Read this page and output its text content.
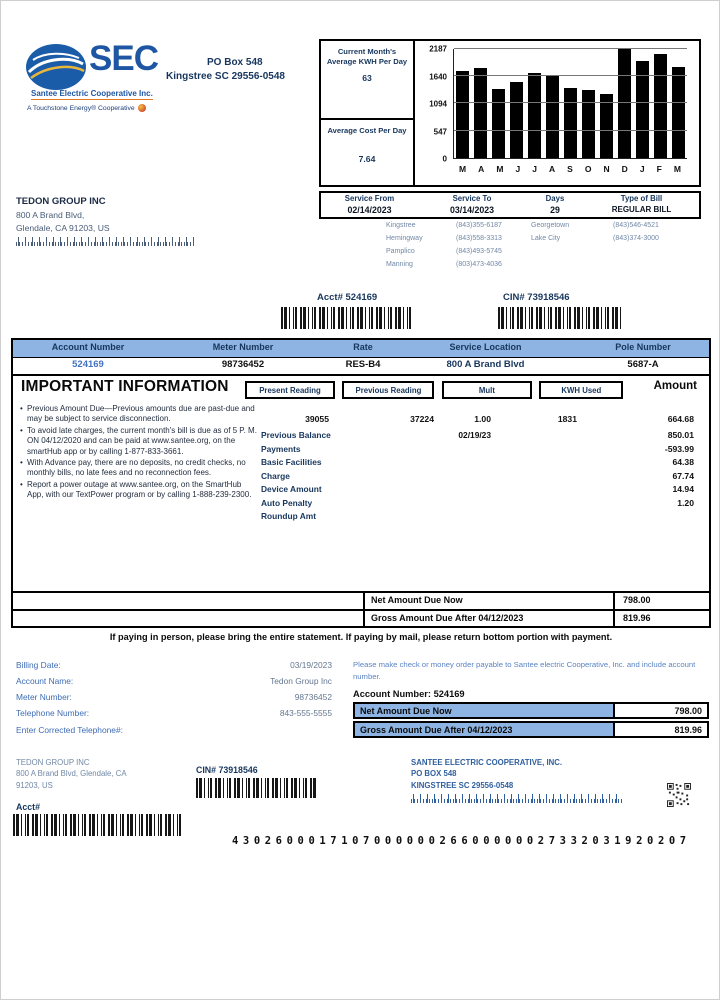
SEC
Santee Electric Cooperative Inc.
A Touchstone Energy® Cooperative
PO Box 548
Kingstree SC 29556-0548
Current Month's Average KWH Per Day
63
Average Cost Per Day
7.64	0
547
1094
1640
2187
M A M J J A S O N D J F M
TEDON GROUP INC
800 A Brand Blvd,
Glendale, CA 91203, US
Service From	Service To	Days	Type of Bill
02/14/2023	03/14/2023	29	REGULAR BILL
Kingstree	(843)355-6187	Georgetown	(843)546-4521
Hemingway	(843)558-3313	Lake City	(843)374-3000
Pamplico	(843)493-5745
Manning	(803)473-4036
Acct# 524169	CIN# 73918546
Account Number	Meter Number	Rate	Service Location	Pole Number
524169	98736452	RES-B4	800 A Brand Blvd	5687-A
IMPORTANT INFORMATION	Present Reading	Previous Reading	Mult	KWH Used	Amount
• Previous Amount Due—Previous amounts due are past-due and may be subject to service disconnection.
• To avoid late charges, the current month's bill is due as of 5 P. M. ON 04/12/2020 and can be paid at www.santee.org, on the smartHub app or by calling 1-877-833-3661.
• With Advance pay, there are no deposits, no credit checks, no monthly bills, no late fees and no reconnection fees.
• Report a power outage at www.santee.org, on the SmartHub App, with our TextPower program or by calling 1-888-239-2300.
39055	37224	1.00	1831	664.68
Previous Balance	02/19/23	850.01
Payments	-593.99
Basic Facilities	64.38
Charge	67.74
Device Amount	14.94
Auto Penalty	1.20
Roundup Amt
Net Amount Due Now	798.00
Gross Amount Due After 04/12/2023	819.96
If paying in person, please bring the entire statement. If paying by mail, please return bottom portion with payment.
Billing Date:	03/19/2023
Account Name:	Tedon Group Inc
Meter Number:	98736452
Telephone Number:	843-555-5555
Enter Corrected Telephone#:
Please make check or money order payable to Santee electric Cooperative, Inc. and include account number.
Account Number: 524169
Net Amount Due Now	798.00
Gross Amount Due After 04/12/2023	819.96
TEDON GROUP INC
800 A Brand Blvd, Glendale, CA
91203, US
CIN# 73918546
Acct#
SANTEE ELECTRIC COOPERATIVE, INC.
PO BOX 548
KINGSTREE SC 29556-0548
430260001710700000026600000027332031920207
